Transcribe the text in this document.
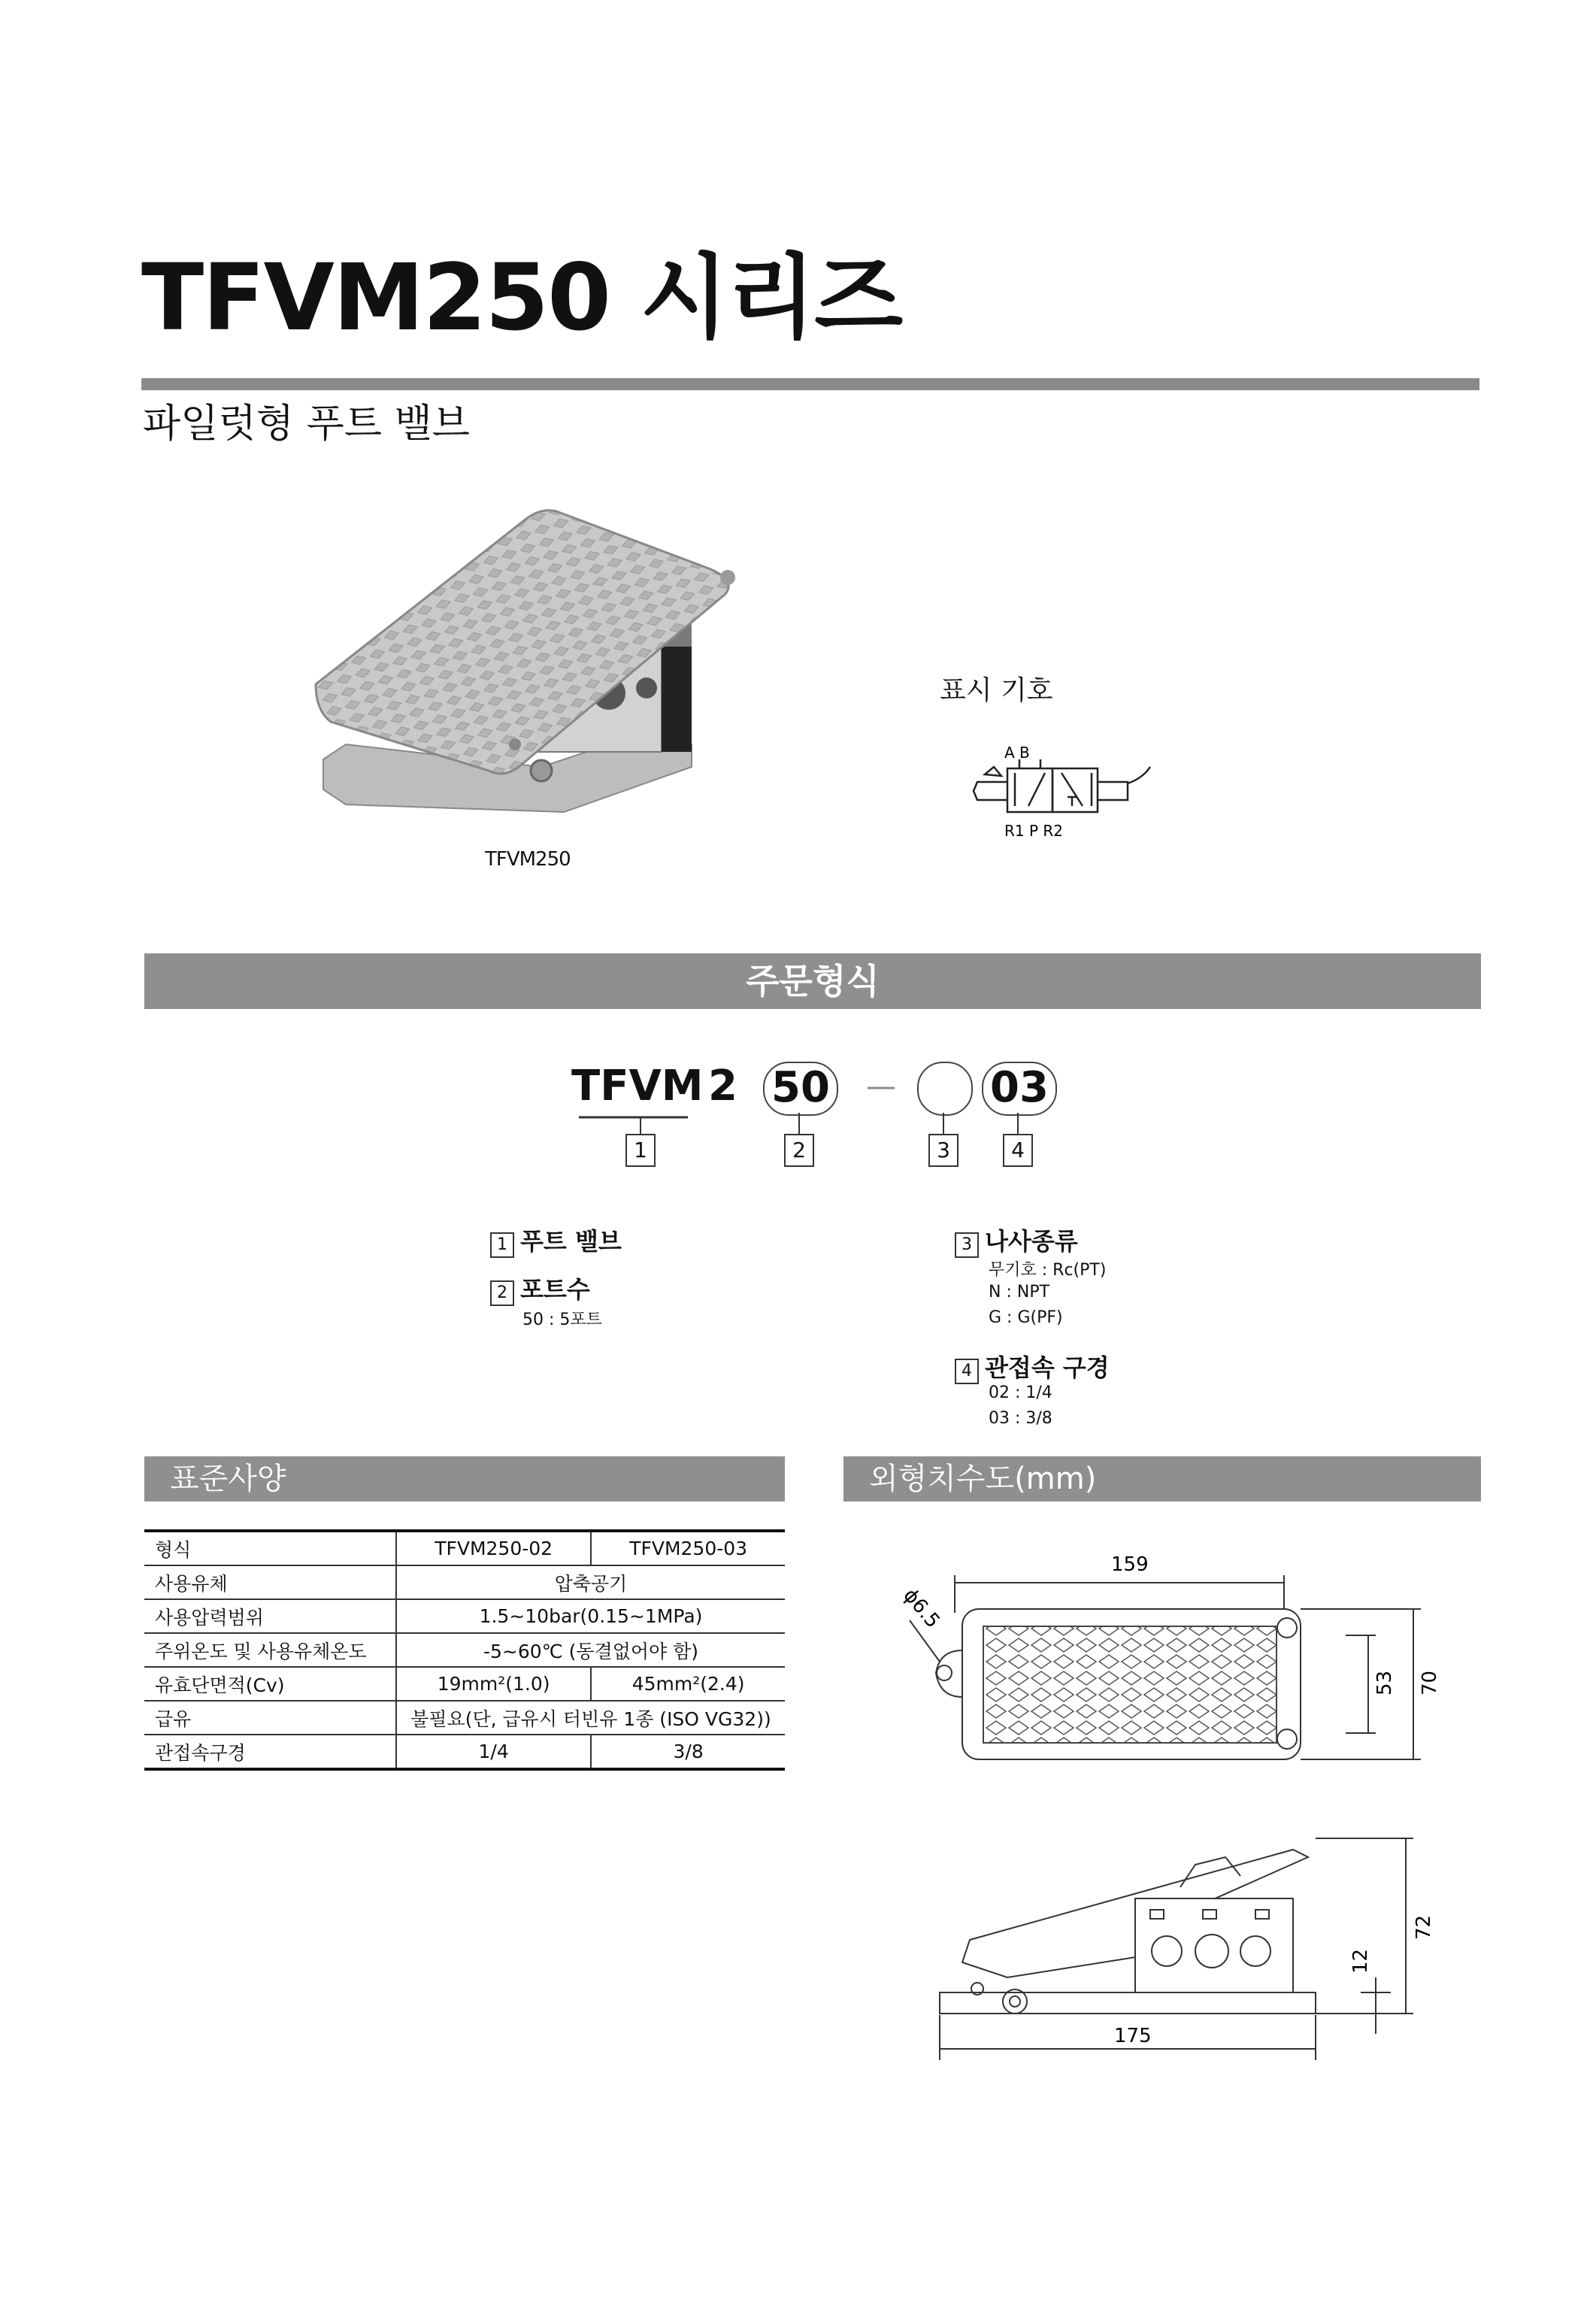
TFVM250 시리즈
파일럿형 푸트 밸브
TFVM250
표시 기호
A B
R1 P R2
주문형식
TFVM 2 50 — 03
1	2	3	4
1 푸트 밸브
2 포트수
50 : 5포트
3 나사종류
무기호 : Rc(PT)
N : NPT
G : G(PF)
4 관접속 구경
02 : 1/4
03 : 3/8
표준사양	외형치수도(mm)
형식	TFVM250-02	TFVM250-03
사용유체	압축공기	
사용압력범위	1.5~10bar(0.15~1MPa)	
주위온도 및 사용유체온도	-5~60℃ (동결없어야 함)	
유효단면적(Cv)	19mm²(1.0)	45mm²(2.4)
급유	불필요(단, 급유시 터빈유 1종 (ISO VG32))	
관접속구경	1/4	3/8
159
ϕ6.5
53 70
175
12
72
